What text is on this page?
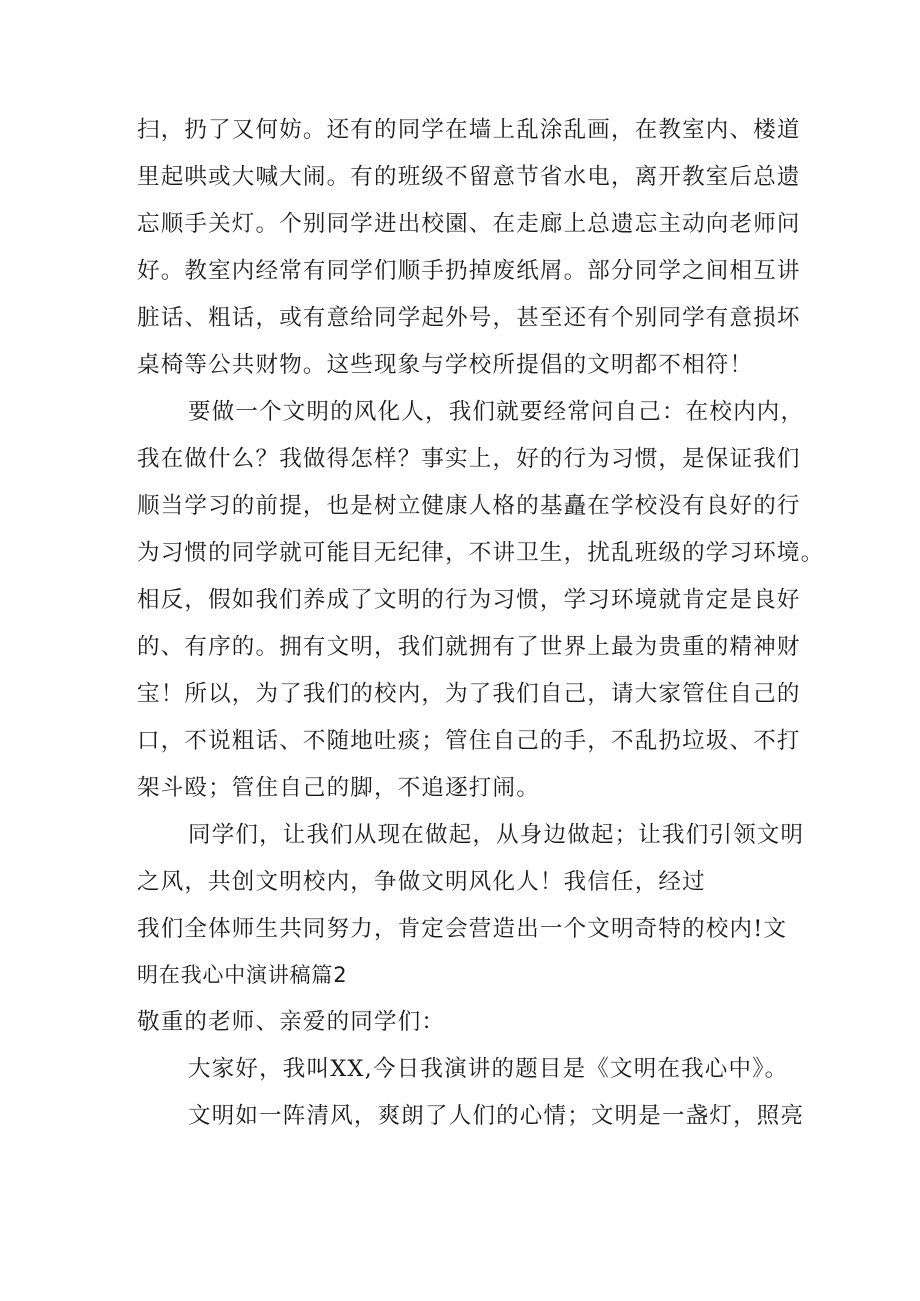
扫，扔了又何妨。还有的同学在墙上乱涂乱画，在教室内、楼道
里起哄或大喊大闹。有的班级不留意节省水电，离开教室后总遗
忘顺手关灯。个别同学进出校園、在走廊上总遗忘主动向老师问
好。教室内经常有同学们顺手扔掉废纸屑。部分同学之间相互讲
脏话、粗话，或有意给同学起外号，甚至还有个别同学有意损坏
桌椅等公共财物。这些现象与学校所提倡的文明都不相符！
要做一个文明的风化人，我们就要经常问自己：在校内内，
我在做什么？我做得怎样？事实上，好的行为习惯，是保证我们
顺当学习的前提，也是树立健康人格的基矗在学校没有良好的行
为习惯的同学就可能目无纪律，不讲卫生，扰乱班级的学习环境。
相反，假如我们养成了文明的行为习惯，学习环境就肯定是良好
的、有序的。拥有文明，我们就拥有了世界上最为贵重的精神财
宝！所以，为了我们的校内，为了我们自己，请大家管住自己的
口，不说粗话、不随地吐痰；管住自己的手，不乱扔垃圾、不打
架斗殴；管住自己的脚，不追逐打闹。
同学们，让我们从现在做起，从身边做起；让我们引领文明
之风，共创文明校内，争做文明风化人！我信任，经过
我们全体师生共同努力，肯定会营造出一个文明奇特的校内!文
明在我心中演讲稿篇2
敬重的老师、亲爱的同学们：
大家好，我叫XX,今日我演讲的题目是《文明在我心中》。
文明如一阵清风，爽朗了人们的心情；文明是一盏灯，照亮
